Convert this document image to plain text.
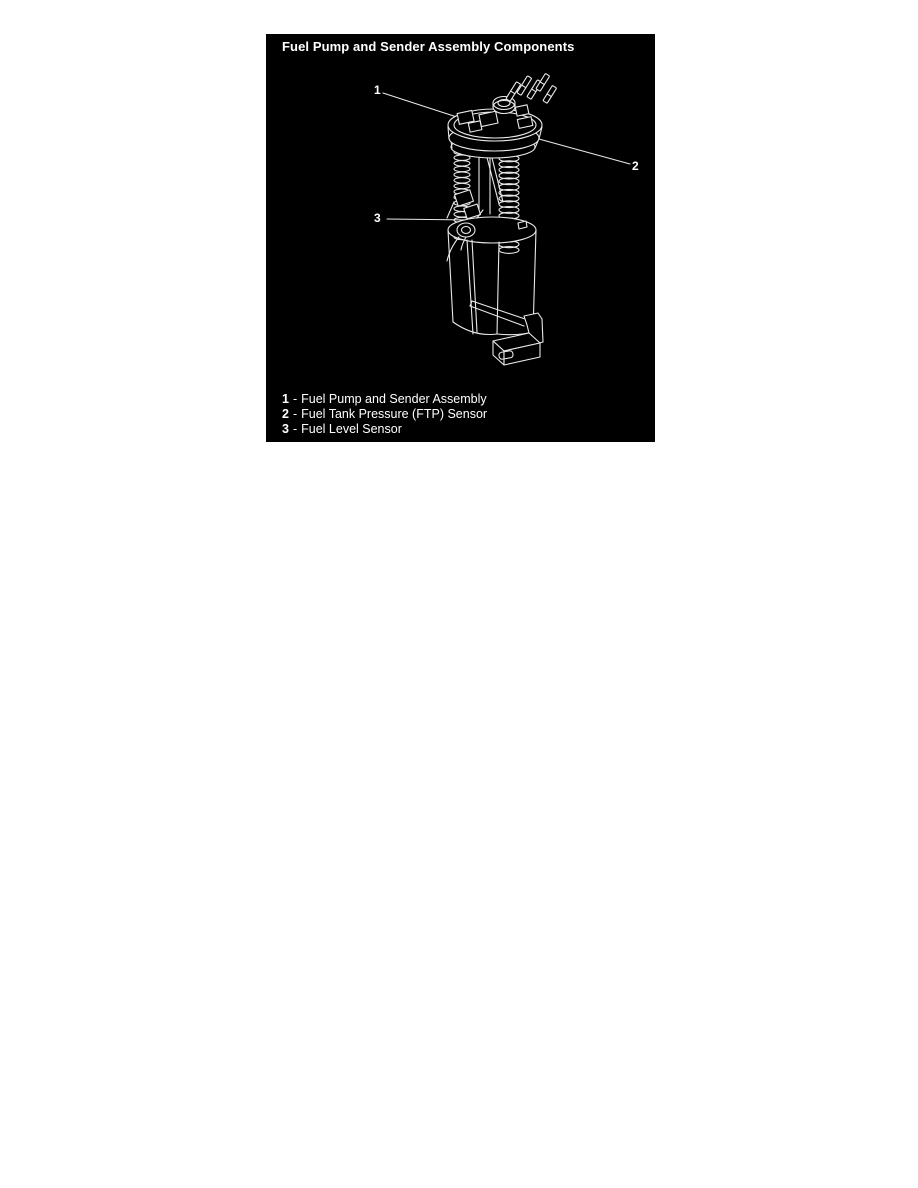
Fuel Pump and Sender Assembly Components
1
2
3
1 - Fuel Pump and Sender Assembly
2 - Fuel Tank Pressure (FTP) Sensor
3 - Fuel Level Sensor
